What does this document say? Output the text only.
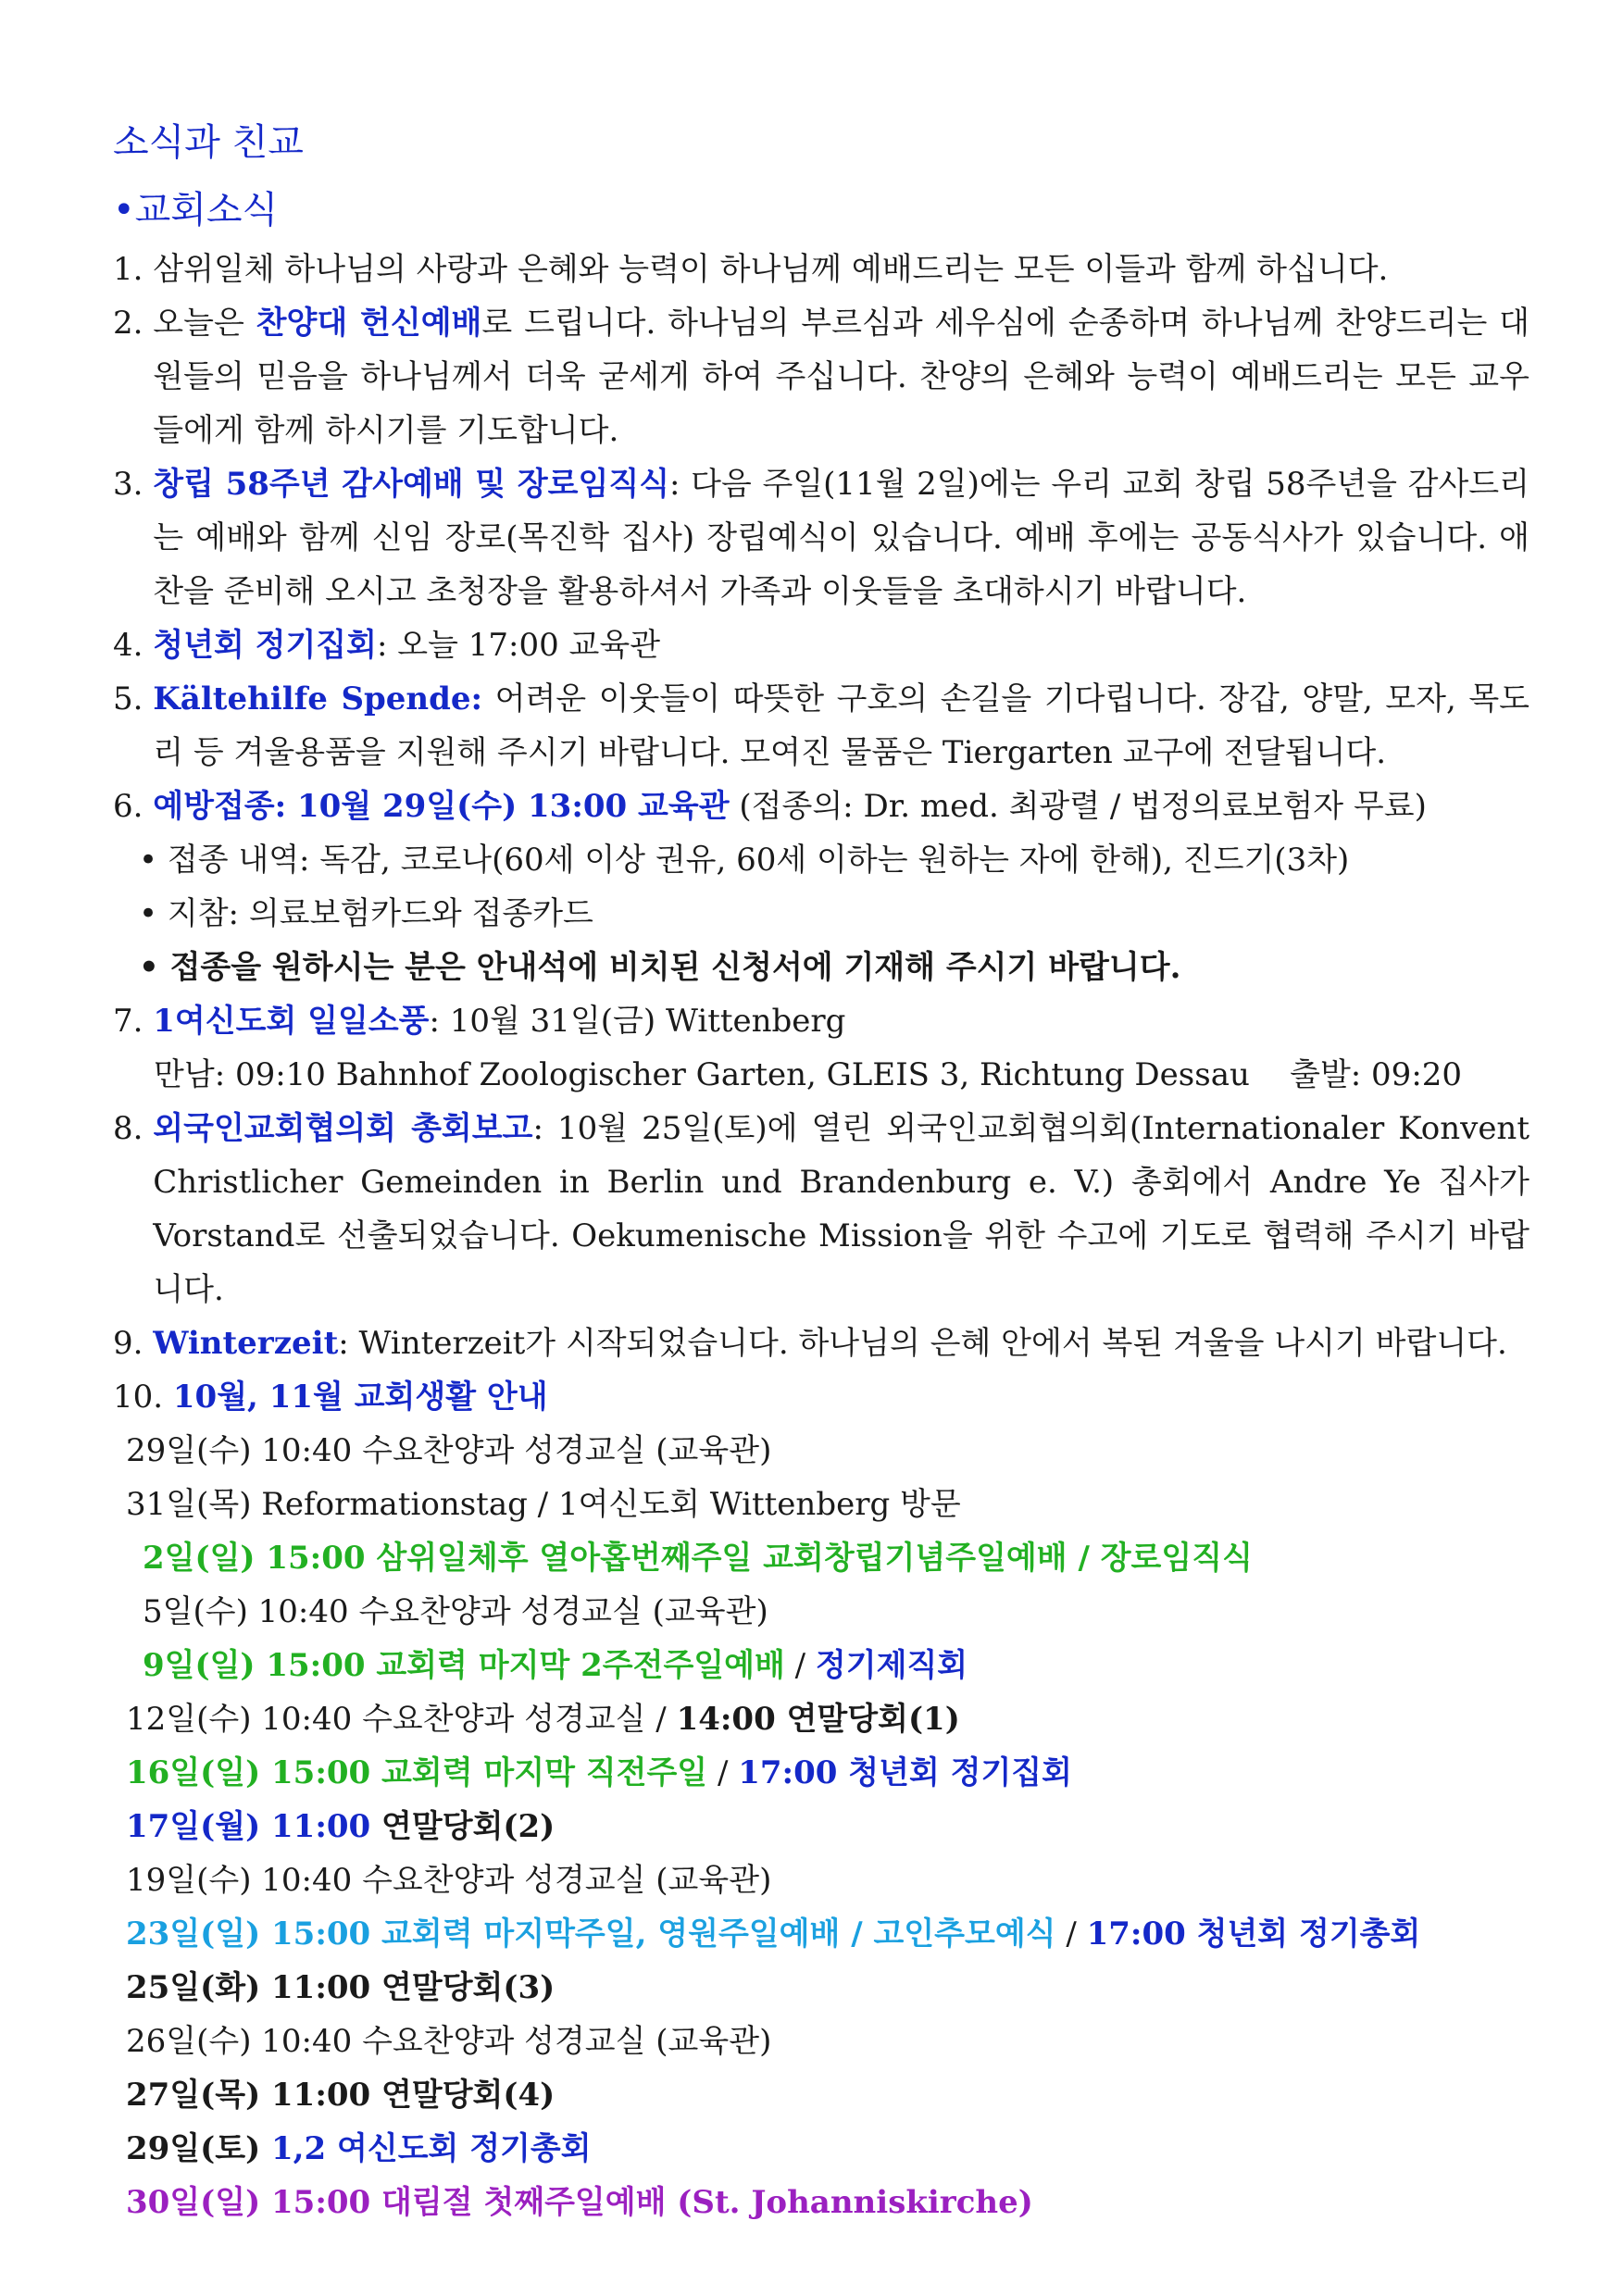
소식과 친교
•교회소식
1. 삼위일체 하나님의 사랑과 은혜와 능력이 하나님께 예배드리는 모든 이들과 함께 하십니다.
2. 오늘은 찬양대 헌신예배로 드립니다. 하나님의 부르심과 세우심에 순종하며 하나님께 찬양드리는 대원들의 믿음을 하나님께서 더욱 굳세게 하여 주십니다. 찬양의 은혜와 능력이 예배드리는 모든 교우들에게 함께 하시기를 기도합니다.
3. 창립 58주년 감사예배 및 장로임직식: 다음 주일(11월 2일)에는 우리 교회 창립 58주년을 감사드리는 예배와 함께 신임 장로(목진학 집사) 장립예식이 있습니다. 예배 후에는 공동식사가 있습니다. 애찬을 준비해 오시고 초청장을 활용하셔서 가족과 이웃들을 초대하시기 바랍니다.
4. 청년회 정기집회: 오늘 17:00 교육관
5. Kältehilfe Spende: 어려운 이웃들이 따뜻한 구호의 손길을 기다립니다. 장갑, 양말, 모자, 목도리 등 겨울용품을 지원해 주시기 바랍니다. 모여진 물품은 Tiergarten 교구에 전달됩니다.
6. 예방접종: 10월 29일(수) 13:00 교육관 (접종의: Dr. med. 최광렬 / 법정의료보험자 무료)
• 접종 내역: 독감, 코로나(60세 이상 권유, 60세 이하는 원하는 자에 한해), 진드기(3차)
• 지참: 의료보험카드와 접종카드
• 접종을 원하시는 분은 안내석에 비치된 신청서에 기재해 주시기 바랍니다.
7. 1여신도회 일일소풍: 10월 31일(금) Wittenberg
만남: 09:10 Bahnhof Zoologischer Garten, GLEIS 3, Richtung Dessau    출발: 09:20
8. 외국인교회협의회 총회보고: 10월 25일(토)에 열린 외국인교회협의회(Internationaler Konvent Christlicher Gemeinden in Berlin und Brandenburg e. V.) 총회에서 Andre Ye 집사가 Vorstand로 선출되었습니다. Oekumenische Mission을 위한 수고에 기도로 협력해 주시기 바랍니다.
9. Winterzeit: Winterzeit가 시작되었습니다. 하나님의 은혜 안에서 복된 겨울을 나시기 바랍니다.
10. 10월, 11월 교회생활 안내
29일(수) 10:40 수요찬양과 성경교실 (교육관)
31일(목) Reformationstag / 1여신도회 Wittenberg 방문
2일(일) 15:00 삼위일체후 열아홉번째주일 교회창립기념주일예배 / 장로임직식
5일(수) 10:40 수요찬양과 성경교실 (교육관)
9일(일) 15:00 교회력 마지막 2주전주일예배 / 정기제직회
12일(수) 10:40 수요찬양과 성경교실 / 14:00 연말당회(1)
16일(일) 15:00 교회력 마지막 직전주일 / 17:00 청년회 정기집회
17일(월) 11:00 연말당회(2)
19일(수) 10:40 수요찬양과 성경교실 (교육관)
23일(일) 15:00 교회력 마지막주일, 영원주일예배 / 고인추모예식 / 17:00 청년회 정기총회
25일(화) 11:00 연말당회(3)
26일(수) 10:40 수요찬양과 성경교실 (교육관)
27일(목) 11:00 연말당회(4)
29일(토) 1,2 여신도회 정기총회
30일(일) 15:00 대림절 첫째주일예배 (St. Johanniskirche)
